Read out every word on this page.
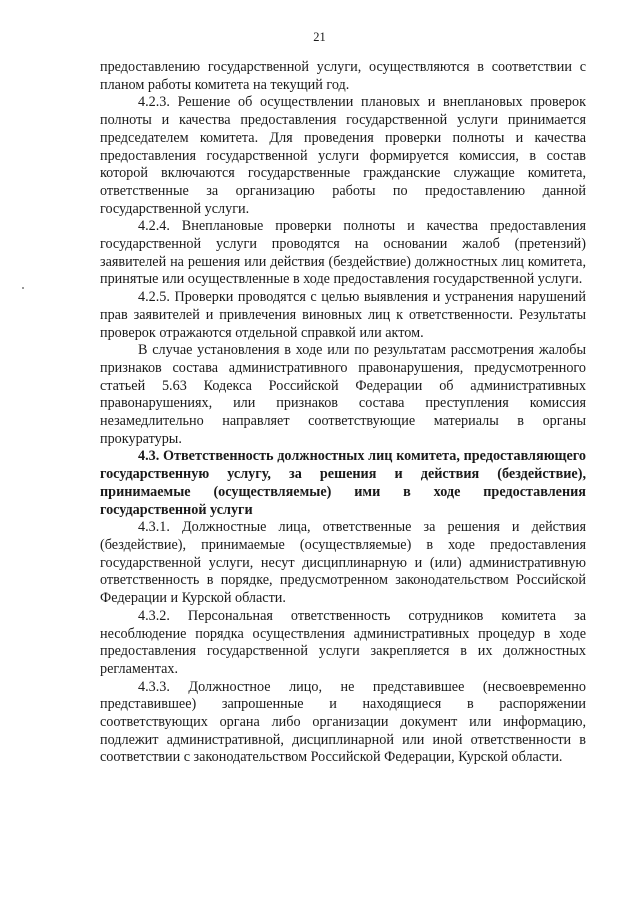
21

предоставлению государственной услуги, осуществляются в соответствии с планом работы комитета на текущий год.

4.2.3. Решение об осуществлении плановых и внеплановых проверок полноты и качества предоставления государственной услуги принимается председателем комитета. Для проведения проверки полноты и качества предоставления государственной услуги формируется комиссия, в состав которой включаются государственные гражданские служащие комитета, ответственные за организацию работы по предоставлению данной государственной услуги.

4.2.4. Внеплановые проверки полноты и качества предоставления государственной услуги проводятся на основании жалоб (претензий) заявителей на решения или действия (бездействие) должностных лиц комитета, принятые или осуществленные в ходе предоставления государственной услуги.

4.2.5. Проверки проводятся с целью выявления и устранения нарушений прав заявителей и привлечения виновных лиц к ответственности. Результаты проверок отражаются отдельной справкой или актом.

В случае установления в ходе или по результатам рассмотрения жалобы признаков состава административного правонарушения, предусмотренного статьей 5.63 Кодекса Российской Федерации об административных правонарушениях, или признаков состава преступления комиссия незамедлительно направляет соответствующие материалы в органы прокуратуры.

4.3. Ответственность должностных лиц комитета, предоставляющего государственную услугу, за решения и действия (бездействие), принимаемые (осуществляемые) ими в ходе предоставления государственной услуги

4.3.1. Должностные лица, ответственные за решения и действия (бездействие), принимаемые (осуществляемые) в ходе предоставления государственной услуги, несут дисциплинарную и (или) административную ответственность в порядке, предусмотренном законодательством Российской Федерации и Курской области.

4.3.2. Персональная ответственность сотрудников комитета за несоблюдение порядка осуществления административных процедур в ходе предоставления государственной услуги закрепляется в их должностных регламентах.

4.3.3. Должностное лицо, не представившее (несвоевременно представившее) запрошенные и находящиеся в распоряжении соответствующих органа либо организации документ или информацию, подлежит административной, дисциплинарной или иной ответственности в соответствии с законодательством Российской Федерации, Курской области.
